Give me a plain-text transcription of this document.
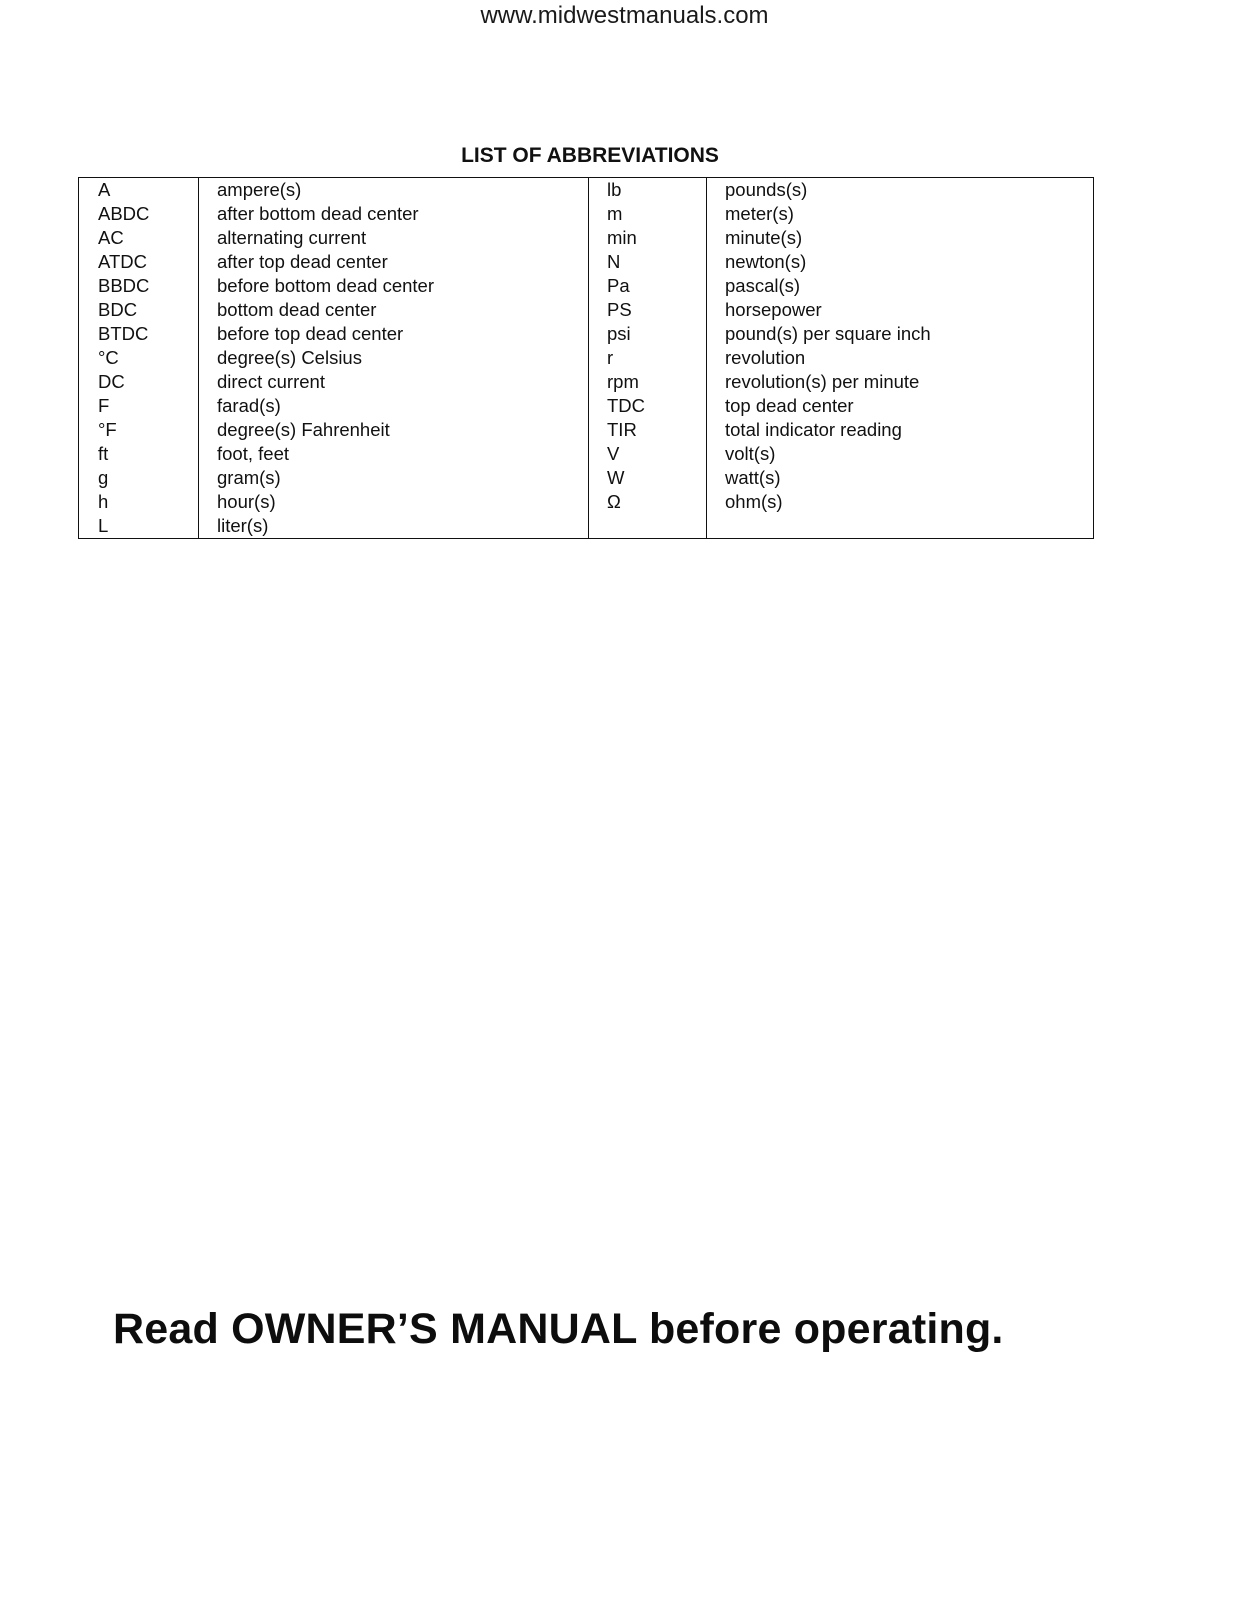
www.midwestmanuals.com
LIST OF ABBREVIATIONS
A
ABDC
AC
ATDC
BBDC
BDC
BTDC
°C
DC
F
°F
ft
g
h
L
ampere(s)
after bottom dead center
alternating current
after top dead center
before bottom dead center
bottom dead center
before top dead center
degree(s) Celsius
direct current
farad(s)
degree(s) Fahrenheit
foot, feet
gram(s)
hour(s)
liter(s)
lb
m
min
N
Pa
PS
psi
r
rpm
TDC
TIR
V
W
Ω
pounds(s)
meter(s)
minute(s)
newton(s)
pascal(s)
horsepower
pound(s) per square inch
revolution
revolution(s) per minute
top dead center
total indicator reading
volt(s)
watt(s)
ohm(s)
Read OWNER’S MANUAL before operating.
